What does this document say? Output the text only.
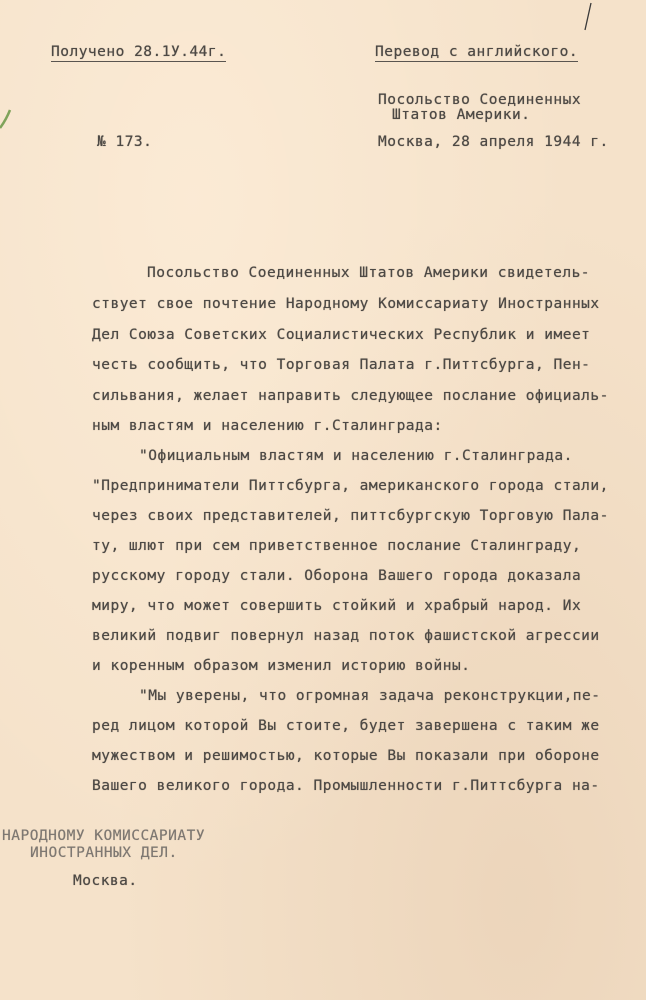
Получено 28.1У.44г.	Перевод с английского.
Посольство Соединенных
Штатов Америки.
№ 173.	Москва, 28 апреля 1944 г.
Посольство Соединенных Штатов Америки свидетель-
ствует свое почтение Народному Комиссариату Иностранных
Дел Союза Советских Социалистических Республик и имеет
честь сообщить, что Торговая Палата г.Питтсбурга, Пен-
сильвания, желает направить следующее послание официаль-
ным властям и населению г.Сталинграда:
"Официальным властям и населению г.Сталинграда.
"Предприниматели Питтсбурга, американского города стали,
через своих представителей, питтсбургскую Торговую Пала-
ту, шлют при сем приветственное послание Сталинграду,
русскому городу стали. Оборона Вашего города доказала
миру, что может совершить стойкий и храбрый народ. Их
великий подвиг повернул назад поток фашистской агрессии
и коренным образом изменил историю войны.
"Мы уверены, что огромная задача реконструкции,пе-
ред лицом которой Вы стоите, будет завершена с таким же
мужеством и решимостью, которые Вы показали при обороне
Вашего великого города. Промышленности г.Питтсбурга на-
НАРОДНОМУ КОМИССАРИАТУ
ИНОСТРАННЫХ ДЕЛ.
Москва.
